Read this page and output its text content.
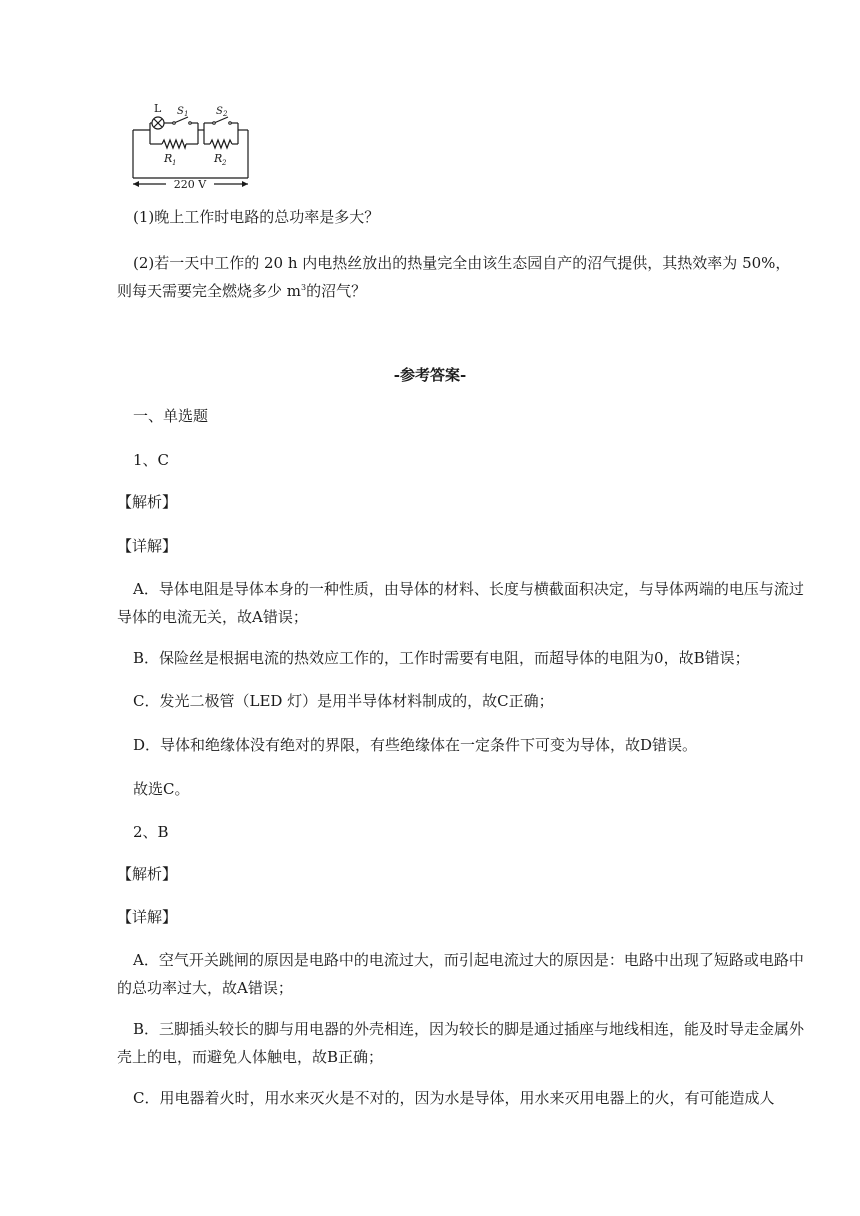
L S 1	S 2
R 1	R 2
220 V
(1)晚上工作时电路的总功率是多大？
(2)若一天中工作的 20 h 内电热丝放出的热量完全由该生态园自产的沼气提供，其热效率为 50%，
则每天需要完全燃烧多少 $m^3$的沼气？
-参考答案-
一、单选题
1、C
【解析】
【详解】
A．导体电阻是导体本身的一种性质，由导体的材料、长度与横截面积决定，与导体两端的电压与流过导体的电流无关，故A错误；
B．保险丝是根据电流的热效应工作的，工作时需要有电阻，而超导体的电阻为0，故B错误；
C．发光二极管（LED 灯）是用半导体材料制成的，故C正确；
D．导体和绝缘体没有绝对的界限，有些绝缘体在一定条件下可变为导体，故D错误。
故选C。
2、B
【解析】
【详解】
A．空气开关跳闸的原因是电路中的电流过大，而引起电流过大的原因是：电路中出现了短路或电路中的总功率过大，故A错误；
B．三脚插头较长的脚与用电器的外壳相连，因为较长的脚是通过插座与地线相连，能及时导走金属外壳上的电，而避免人体触电，故B正确；
C．用电器着火时，用水来灭火是不对的，因为水是导体，用水来灭用电器上的火，有可能造成人
